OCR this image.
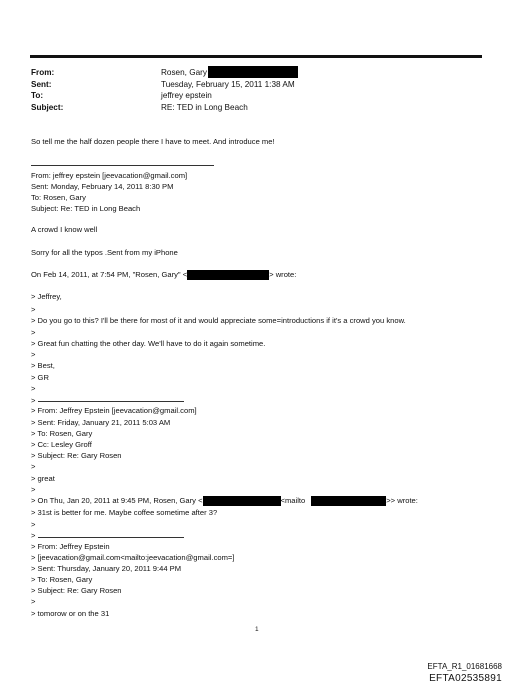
From:	Rosen, Gary
Sent:	Tuesday, February 15, 2011 1:38 AM
To:	jeffrey epstein
Subject:	RE: TED in Long Beach
So tell me the half dozen people there I have to meet. And introduce me!
From: jeffrey epstein [jeevacation@gmail.com]
Sent: Monday, February 14, 2011 8:30 PM
To: Rosen, Gary
Subject: Re: TED in Long Beach
A crowd I know well
Sorry for all the typos .Sent from my iPhone
On Feb 14, 2011, at 7:54 PM, "Rosen, Gary" <	> wrote:
> Jeffrey,
>
> Do you go to this? I'll be there for most of it and would appreciate some=introductions if it's a crowd you know.
>
> Great fun chatting the other day. We'll have to do it again sometime.
>
> Best,
> GR
>
>
> From: Jeffrey Epstein [jeevacation@gmail.com]
> Sent: Friday, January 21, 2011 5:03 AM
> To: Rosen, Gary
> Cc: Lesley Groff
> Subject: Re: Gary Rosen
>
> great
>
> On Thu, Jan 20, 2011 at 9:45 PM, Rosen, Gary <	<mailto	>> wrote:
> 31st is better for me. Maybe coffee sometime after 3?
>
>
> From: Jeffrey Epstein
> [jeevacation@gmail.com<mailto:jeevacation@gmail.com=]
> Sent: Thursday, January 20, 2011 9:44 PM
> To: Rosen, Gary
> Subject: Re: Gary Rosen
>
> tomorow or on the 31
1
EFTA_R1_01681668
EFTA02535891
